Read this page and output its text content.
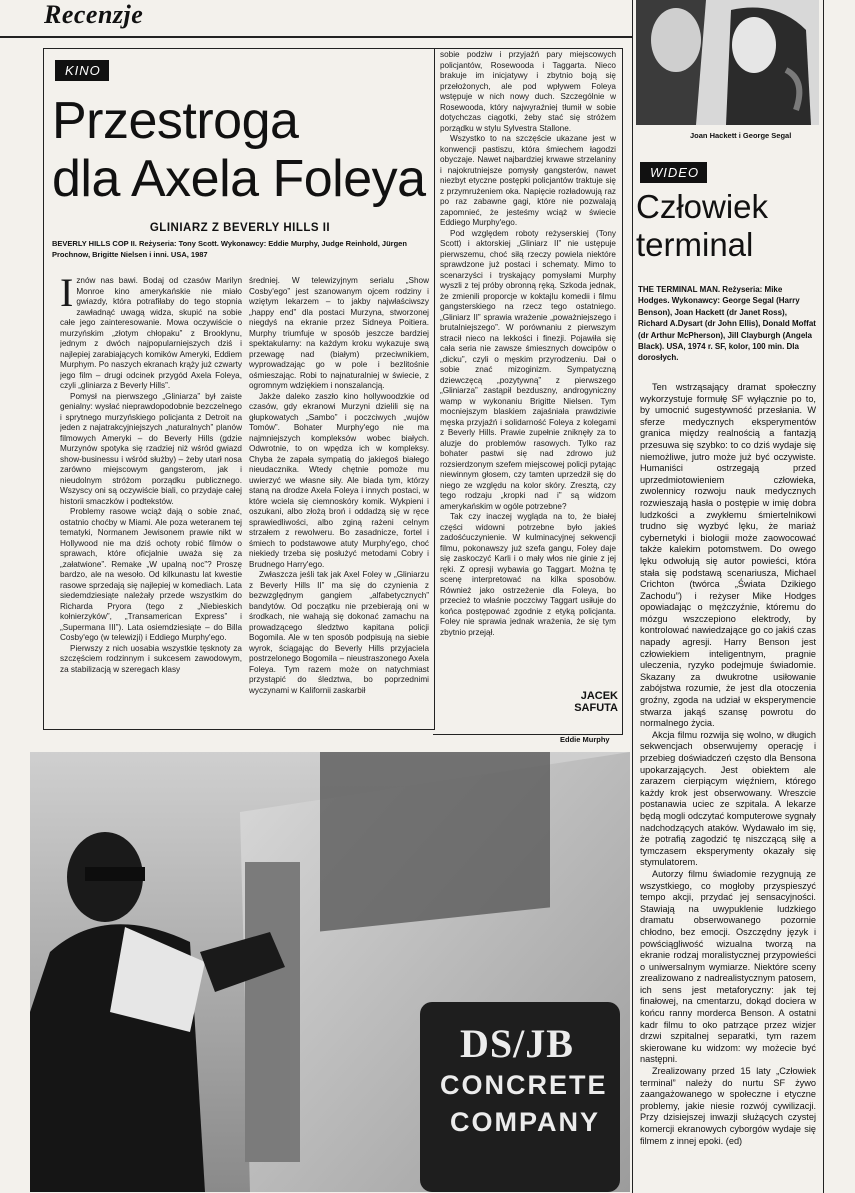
Recenzje
KINO
Przestroga
dla Axela Foleya
GLINIARZ Z BEVERLY HILLS II
BEVERLY HILLS COP II. Reżyseria: Tony Scott. Wykonawcy: Eddie Murphy, Judge Reinhold, Jürgen Prochnow, Brigitte Nielsen i inni. USA, 1987

Iznów nas bawi. Bodaj od czasów Marilyn Monroe kino amerykańskie nie miało gwiazdy, która potrafiłaby do tego stopnia zawładnąć uwagą widza, skupić na sobie całe jego zainteresowanie. Mowa oczywiście o murzyńskim „złotym chłopaku” z Brooklynu, jednym z dwóch najpopularniejszych dziś i najlepiej zarabiających komików Ameryki, Eddiem Murphym. Po naszych ekranach krąży już czwarty jego film – drugi odcinek przygód Axela Foleya, czyli „gliniarza z Beverly Hills”.

Pomysł na pierwszego „Gliniarza” był zaiste genialny: wysłać nieprawdopodobnie bezczelnego i sprytnego murzyńskiego policjanta z Detroit na jeden z najatrakcyjniejszych „naturalnych” planów filmowych Ameryki – do Beverly Hills (gdzie Murzynów spotyka się rzadziej niż wśród gwiazd show-businessu i wśród służby) – żeby utarł nosa zarówno miejscowym gangsterom, jak i nieudolnym stróżom porządku publicznego. Wszyscy oni są oczywiście biali, co przydaje całej historii smaczków i podtekstów.

Problemy rasowe wciąż dają o sobie znać, ostatnio choćby w Miami. Ale poza weteranem tej tematyki, Normanem Jewisonem prawie nikt w Hollywood nie ma dziś ochoty robić filmów o sprawach, które oficjalnie uważa się za „załatwione”. Remake „W upalną noc”? Proszę bardzo, ale na wesoło. Od kilkunastu lat kwestie rasowe sprzedają się najlepiej w komediach. Lata siedemdziesiąte należały przede wszystkim do Richarda Pryora (tego z „Niebieskich kołnierzyków”, „Transamerican Express” i „Supermana III”). Lata osiemdziesiąte – do Billa Cosby'ego (w telewizji) i Eddiego Murphy'ego.

Pierwszy z nich uosabia wszystkie tęsknoty za szczęściem rodzinnym i sukcesem zawodowym, za stabilizacją w szeregach klasy

średniej. W telewizyjnym serialu „Show Cosby'ego” jest szanowanym ojcem rodziny i wziętym lekarzem – to jakby najwłaściwszy „happy end” dla postaci Murzyna, stworzonej niegdyś na ekranie przez Sidneya Poitiera. Murphy triumfuje w sposób jeszcze bardziej spektakularny: na każdym kroku wykazuje swą przewagę nad (białym) przeciwnikiem, wyprowadzając go w pole i bezlitośnie ośmieszając. Robi to najnaturalniej w świecie, z ogromnym wdziękiem i nonszalancją.

Jakże daleko zaszło kino hollywoodzkie od czasów, gdy ekranowi Murzyni dzielili się na głupkowatych „Sambo” i poczciwych „wujów Tomów”. Bohater Murphy'ego nie ma najmniejszych kompleksów wobec białych. Odwrotnie, to on wpędza ich w kompleksy. Chyba że zapała sympatią do jakiegoś białego nieudacznika. Wtedy chętnie pomoże mu uwierzyć we własne siły. Ale biada tym, którzy staną na drodze Axela Foleya i innych postaci, w które wciela się ciemnoskóry komik. Wykpieni i oszukani, albo złożą broń i oddadzą się w ręce sprawiedliwości, albo zginą rażeni celnym strzałem z rewolweru. Bo zasadnicze, fortel i śmiech to podstawowe atuty Murphy'ego, choć niekiedy trzeba się posłużyć metodami Cobry i Brudnego Harry'ego.

Zwłaszcza jeśli tak jak Axel Foley w „Gliniarzu z Beverly Hills II” ma się do czynienia z bezwzględnym gangiem „alfabetycznych” bandytów. Od początku nie przebierają oni w środkach, nie wahają się dokonać zamachu na prowadzącego śledztwo kapitana policji Bogomila. Ale w ten sposób podpisują na siebie wyrok, ściągając do Beverly Hills przyjaciela postrzelonego Bogomila – nieustraszonego Axela Foleya. Tym razem może on natychmiast przystąpić do śledztwa, bo poprzednimi wyczynami w Kalifornii zaskarbił

sobie podziw i przyjaźń pary miejscowych policjantów, Rosewooda i Taggarta. Nieco brakuje im inicjatywy i zbytnio boją się przełożonych, ale pod wpływem Foleya wstępuje w nich nowy duch. Szczególnie w Rosewooda, który najwyraźniej tłumił w sobie dotychczas ciągotki, żeby stać się stróżem porządku w stylu Sylvestra Stallone.

Wszystko to na szczęście ukazane jest w konwencji pastiszu, która śmiechem łagodzi obyczaje. Nawet najbardziej krwawe strzelaniny i najokrutniejsze pomysły gangsterów, nawet niezbyt etyczne postępki policjantów traktuje się z przymrużeniem oka. Napięcie rozładowują raz po raz zabawne gagi, które nie pozwalają zapomnieć, że jesteśmy wciąż w świecie Eddiego Murphy'ego.

Pod względem roboty reżyserskiej (Tony Scott) i aktorskiej „Gliniarz II” nie ustępuje pierwszemu, choć siłą rzeczy powiela niektóre sprawdzone już postaci i schematy. Mimo to scenarzyści i tryskający pomysłami Murphy wyszli z tej próby obronną ręką. Szkoda jednak, że zmienili proporcje w koktajlu komedii i filmu gangsterskiego na rzecz tego ostatniego. „Gliniarz II” sprawia wrażenie „poważniejszego i brutalniejszego”. W porównaniu z pierwszym stracił nieco na lekkości i finezji. Pojawiła się cała seria nie zawsze śmiesznych dowcipów o „dicku”, czyli o męskim przyrodzeniu. Dał o sobie znać mizoginizm. Sympatyczną dziewczęcą „pozytywną” z pierwszego „Gliniarza” zastąpił bezduszny, androgyniczny wamp w wykonaniu Brigitte Nielsen. Tym mocniejszym blaskiem zajaśniała prawdziwie męska przyjaźń i solidarność Foleya z kolegami z Beverly Hills. Prawie zupełnie zniknęły za to aluzje do problemów rasowych. Tylko raz bohater pastwi się nad zdrowo już rozsierdzonym szefem miejscowej policji pytając niewinnym głosem, czy tamten uprzedził się do niego ze względu na kolor skóry. Zresztą, czy tego rodzaju „kropki nad i” są widzom amerykańskim w ogóle potrzebne?

Tak czy inaczej wygląda na to, że białej części widowni potrzebne było jakieś zadośćuczynienie. W kulminacyjnej sekwencji filmu, pokonawszy już szefa gangu, Foley daje się zaskoczyć Karli i o mały włos nie ginie z jej ręki. Z opresji wybawia go Taggart. Można tę scenę interpretować na kilka sposobów. Również jako ostrzeżenie dla Foleya, bo przecież to właśnie poczciwy Taggart usiłuje do końca postępować zgodnie z etyką policjanta. Foley nie sprawia jednak wrażenia, że się tym zbytnio przejął.

JACEK
SAFUTA
Eddie Murphy
DS/JB
CONCRETE
COMPANY
Joan Hackett i George Segal
WIDEO
Człowiek
terminal
THE TERMINAL MAN. Reżyseria: Mike Hodges. Wykonawcy: George Segal (Harry Benson), Joan Hackett (dr Janet Ross), Richard A.Dysart (dr John Ellis), Donald Moffat (dr Arthur McPherson), Jill Clayburgh (Angela Black). USA, 1974 r. SF, kolor, 100 min. Dla dorosłych.

Ten wstrząsający dramat społeczny wykorzystuje formułę SF wyłącznie po to, by umocnić sugestywność przesłania. W sferze medycznych eksperymentów granica między realnością a fantazją przesuwa się szybko: to co dziś wydaje się niemożliwe, jutro może już być oczywiste. Humaniści ostrzegają przed uprzedmiotowieniem człowieka, zwolennicy rozwoju nauk medycznych rozwieszają hasła o postępie w imię dobra ludzkości a zwykłemu śmiertelnikowi trudno się wyzbyć lęku, że mariaż cybernetyki i biologii może zaowocować także kalekim potomstwem. Do owego lęku odwołują się autor powieści, która stała się podstawą scenariusza, Michael Crichton (twórca „Świata Dzikiego Zachodu”) i reżyser Mike Hodges opowiadając o mężczyźnie, któremu do mózgu wszczepiono elektrody, by kontrolować nawiedzające go co jakiś czas napady agresji. Harry Benson jest człowiekiem inteligentnym, pragnie uleczenia, ryzyko podejmuje świadomie. Skazany za dwukrotne usiłowanie zabójstwa rozumie, że jest dla otoczenia groźny, zgoda na udział w eksperymencie stwarza jakąś szansę powrotu do normalnego życia.

Akcja filmu rozwija się wolno, w długich sekwencjach obserwujemy operację i przebieg doświadczeń często dla Bensona upokarzających. Jest obiektem ale zarazem cierpiącym więźniem, którego każdy krok jest obserwowany. Wreszcie postanawia uciec ze szpitala. A lekarze będą mogli odczytać komputerowe sygnały nadchodzących ataków. Wydawało im się, że potrafią zagodzić tę niszczącą siłę a tymczasem eksperymenty okazały się stymulatorem.

Autorzy filmu świadomie rezygnują ze wszystkiego, co mogłoby przyspieszyć tempo akcji, przydać jej sensacyjności. Stawiają na uwypuklenie ludzkiego dramatu obserwowanego pozornie chłodno, bez emocji. Oszczędny język i powściągliwość wizualna tworzą na ekranie rodzaj moralistycznej przypowieści o uniwersalnym wymiarze. Niektóre sceny zrealizowano z nadrealistycznym patosem, ich sens jest metaforyczny: jak tej finałowej, na cmentarzu, dokąd dociera w końcu ranny morderca Benson. A ostatni kadr filmu to oko patrzące przez wizjer drzwi szpitalnej separatki, tym razem skierowane ku widzom: wy możecie być następni.

Zrealizowany przed 15 laty „Człowiek terminal” należy do nurtu SF żywo zaangażowanego w społeczne i etyczne problemy, jakie niesie rozwój cywilizacji. Przy dzisiejszej inwazji służących czystej komercji ekranowych cyborgów wydaje się filmem z innej epoki. (ed)
